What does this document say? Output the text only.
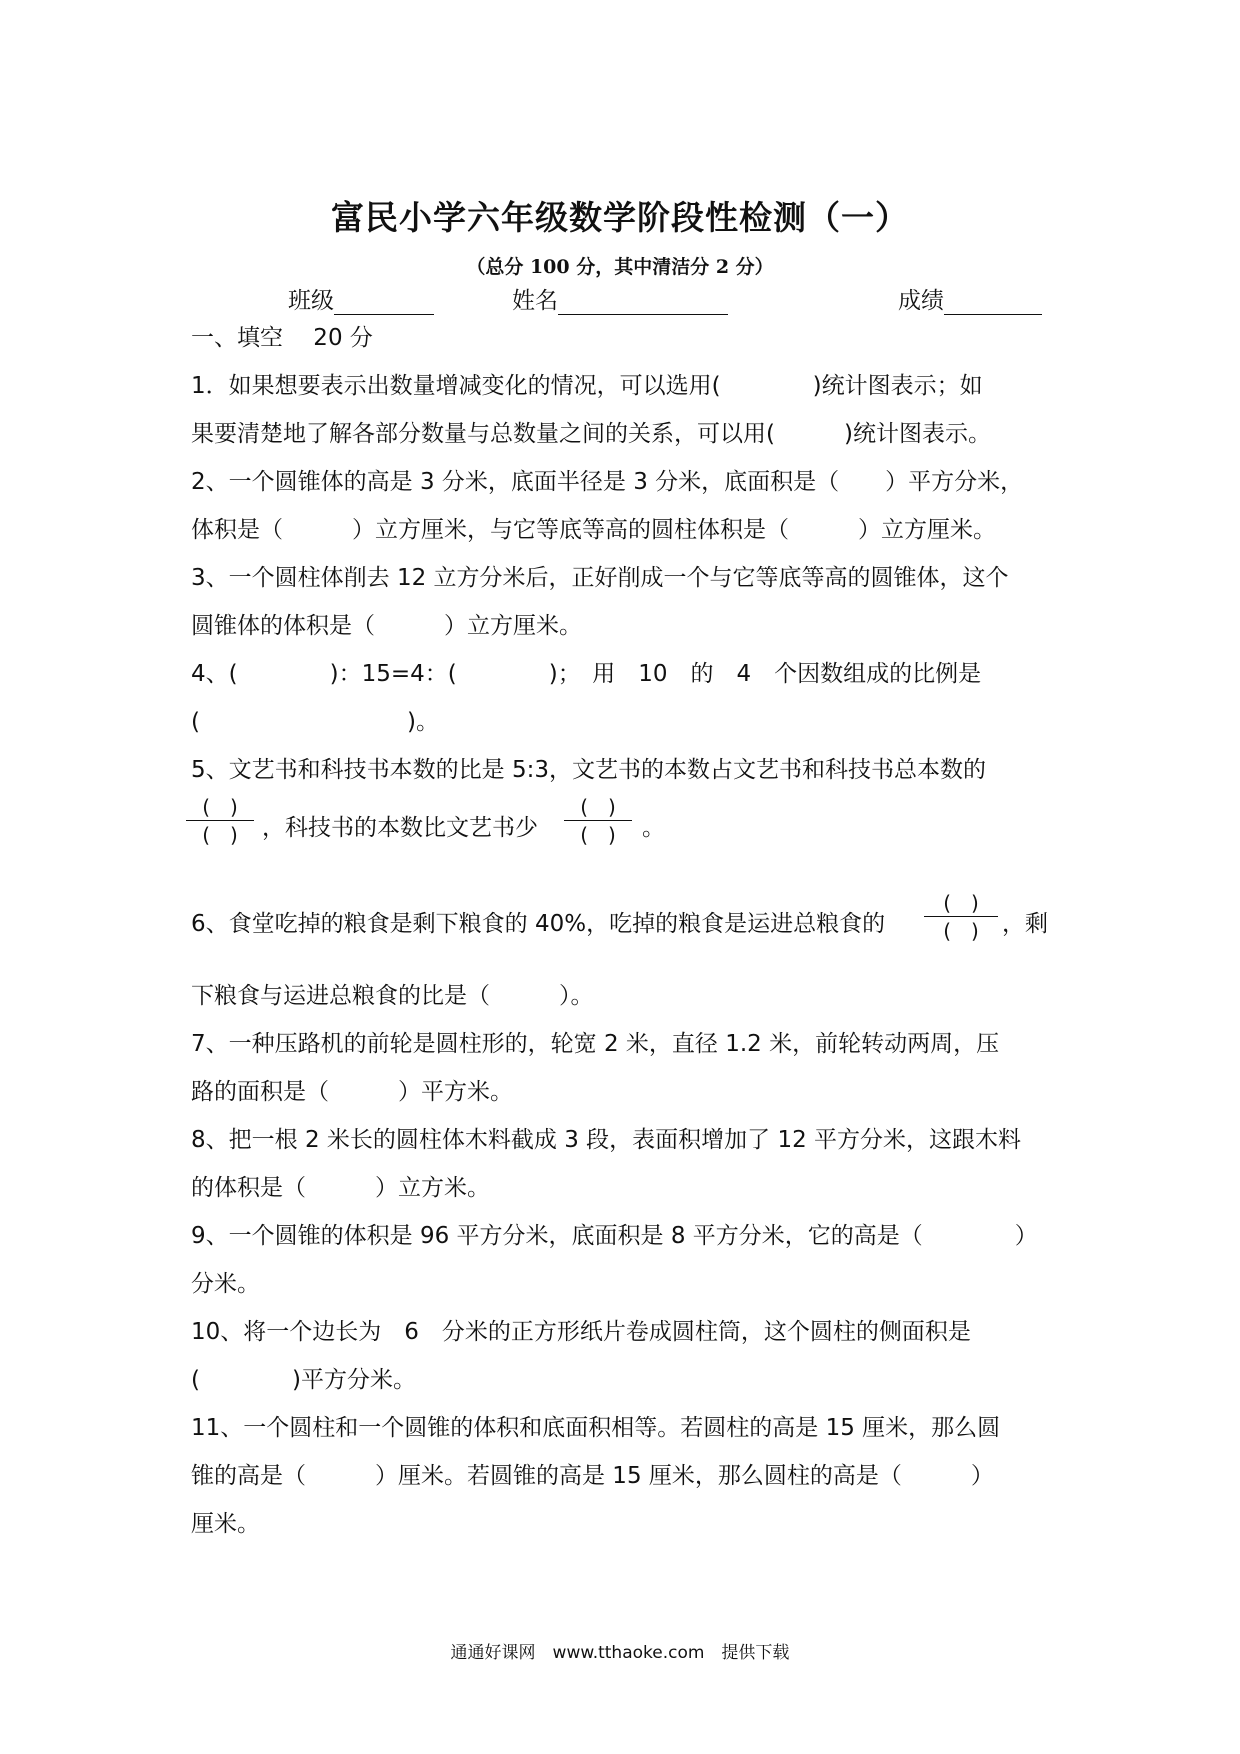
富民小学六年级数学阶段性检测（一）
（总分 100 分，其中清洁分 2 分）
班级	姓名	成绩
一、填空　 20 分
1．如果想要表示出数量增减变化的情况，可以选用(　　　　)统计图表示；如
果要清楚地了解各部分数量与总数量之间的关系，可以用(　　　)统计图表示。
2、一个圆锥体的高是 3 分米，底面半径是 3 分米，底面积是（　　）平方分米，
体积是（　　　）立方厘米，与它等底等高的圆柱体积是（　　　）立方厘米。
3、一个圆柱体削去 12 立方分米后，正好削成一个与它等底等高的圆锥体，这个
圆锥体的体积是（　　　）立方厘米。
4、(　　　　)：15=4：(　　　　)；　用　10　的　4　个因数组成的比例是
(　　　　　　　　　)。
5、文艺书和科技书本数的比是 5:3，文艺书的本数占文艺书和科技书总本数的
(　)
(　)	，科技书的本数比文艺书少
(　)
(　)	。
6、食堂吃掉的粮食是剩下粮食的 40%，吃掉的粮食是运进总粮食的
(　)
(　)	，剩
下粮食与运进总粮食的比是（　　　）。
7、一种压路机的前轮是圆柱形的，轮宽 2 米，直径 1.2 米，前轮转动两周，压
路的面积是（　　　）平方米。
8、把一根 2 米长的圆柱体木料截成 3 段，表面积增加了 12 平方分米，这跟木料
的体积是（　　　）立方米。
9、一个圆锥的体积是 96 平方分米，底面积是 8 平方分米，它的高是（　　　　）
分米。
10、将一个边长为　6　分米的正方形纸片卷成圆柱筒，这个圆柱的侧面积是
(　　　　)平方分米。
11、一个圆柱和一个圆锥的体积和底面积相等。若圆柱的高是 15 厘米，那么圆
锥的高是（　　　）厘米。若圆锥的高是 15 厘米，那么圆柱的高是（　　　）
厘米。
通通好课网　www.tthaoke.com　提供下载
